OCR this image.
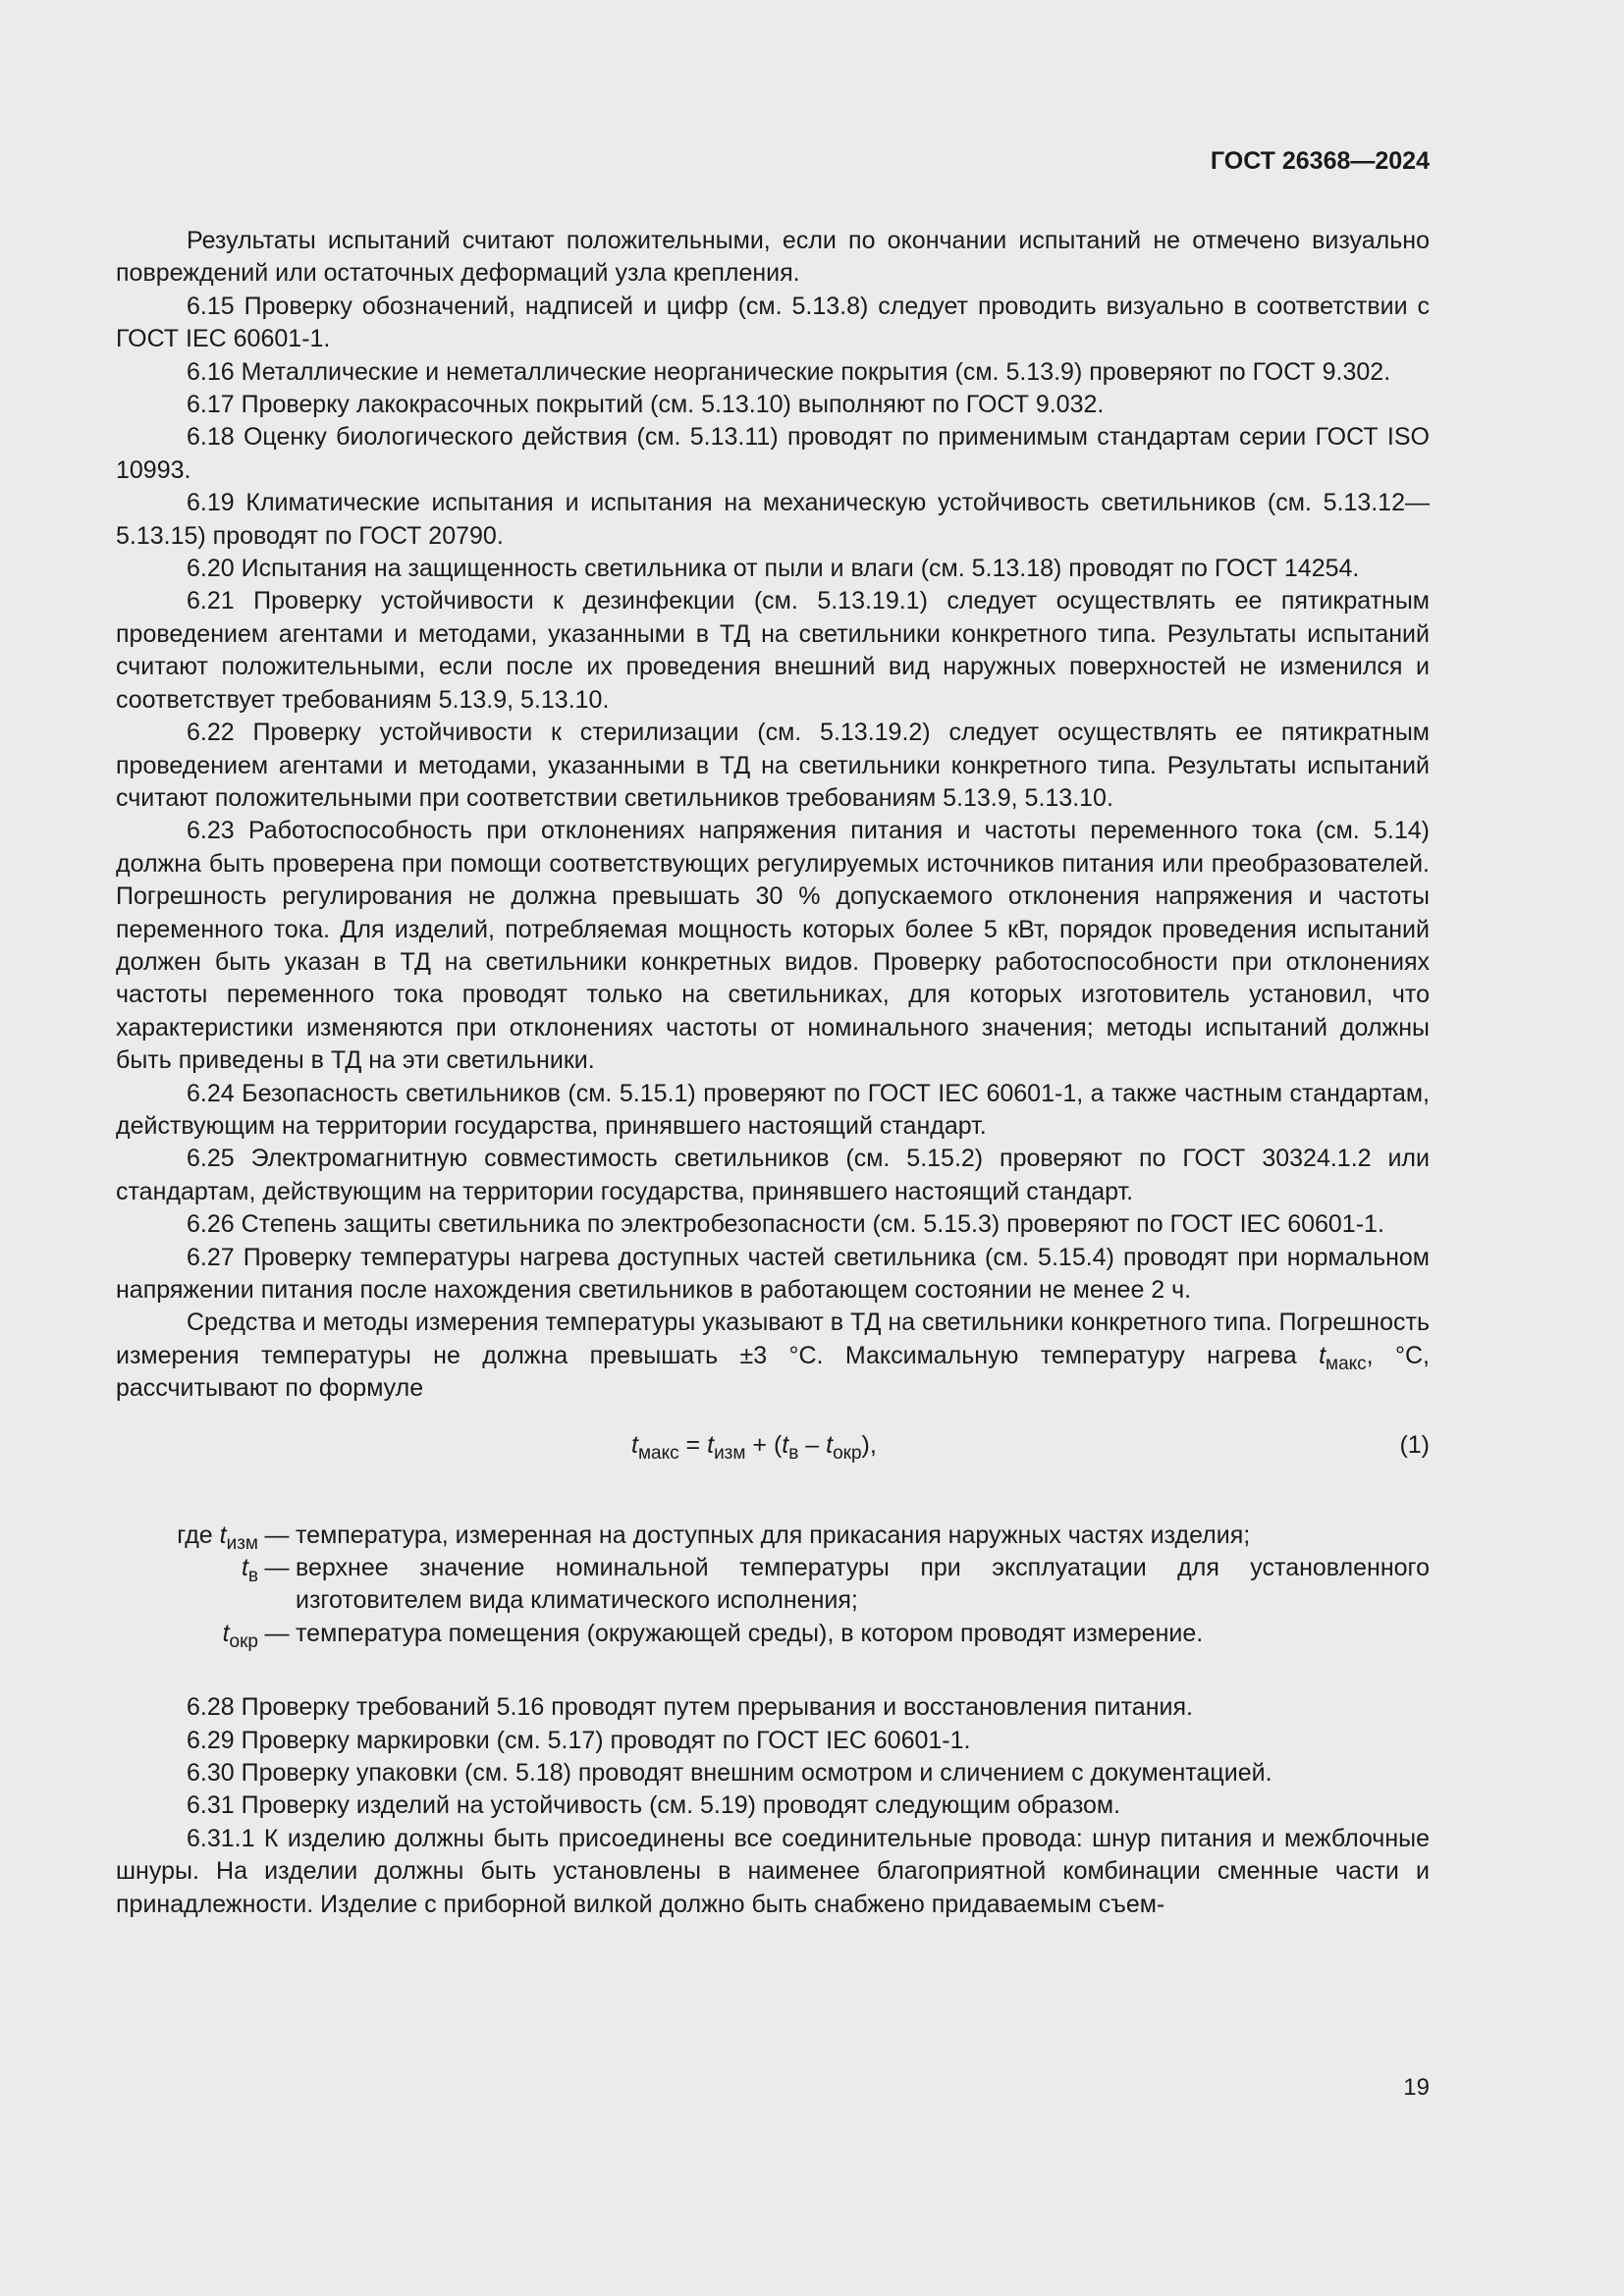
ГОСТ 26368—2024

Результаты испытаний считают положительными, если по окончании испытаний не отмечено визуально повреждений или остаточных деформаций узла крепления.

6.15 Проверку обозначений, надписей и цифр (см. 5.13.8) следует проводить визуально в соответствии с ГОСТ IEC 60601-1.

6.16 Металлические и неметаллические неорганические покрытия (см. 5.13.9) проверяют по ГОСТ 9.302.

6.17 Проверку лакокрасочных покрытий (см. 5.13.10) выполняют по ГОСТ 9.032.

6.18 Оценку биологического действия (см. 5.13.11) проводят по применимым стандартам серии ГОСТ ISO 10993.

6.19 Климатические испытания и испытания на механическую устойчивость светильников (см. 5.13.12—5.13.15) проводят по ГОСТ 20790.

6.20 Испытания на защищенность светильника от пыли и влаги (см. 5.13.18) проводят по ГОСТ 14254.

6.21 Проверку устойчивости к дезинфекции (см. 5.13.19.1) следует осуществлять ее пятикратным проведением агентами и методами, указанными в ТД на светильники конкретного типа. Результаты испытаний считают положительными, если после их проведения внешний вид наружных поверхностей не изменился и соответствует требованиям 5.13.9, 5.13.10.

6.22 Проверку устойчивости к стерилизации (см. 5.13.19.2) следует осуществлять ее пятикратным проведением агентами и методами, указанными в ТД на светильники конкретного типа. Результаты испытаний считают положительными при соответствии светильников требованиям 5.13.9, 5.13.10.

6.23 Работоспособность при отклонениях напряжения питания и частоты переменного тока (см. 5.14) должна быть проверена при помощи соответствующих регулируемых источников питания или преобразователей. Погрешность регулирования не должна превышать 30 % допускаемого отклонения напряжения и частоты переменного тока. Для изделий, потребляемая мощность которых более 5 кВт, порядок проведения испытаний должен быть указан в ТД на светильники конкретных видов. Проверку работоспособности при отклонениях частоты переменного тока проводят только на светильниках, для которых изготовитель установил, что характеристики изменяются при отклонениях частоты от номинального значения; методы испытаний должны быть приведены в ТД на эти светильники.

6.24 Безопасность светильников (см. 5.15.1) проверяют по ГОСТ IEC 60601-1, а также частным стандартам, действующим на территории государства, принявшего настоящий стандарт.

6.25 Электромагнитную совместимость светильников (см. 5.15.2) проверяют по ГОСТ 30324.1.2 или стандартам, действующим на территории государства, принявшего настоящий стандарт.

6.26 Степень защиты светильника по электробезопасности (см. 5.15.3) проверяют по ГОСТ IEC 60601-1.

6.27 Проверку температуры нагрева доступных частей светильника (см. 5.15.4) проводят при нормальном напряжении питания после нахождения светильников в работающем состоянии не менее 2 ч.

Средства и методы измерения температуры указывают в ТД на светильники конкретного типа. Погрешность измерения температуры не должна превышать ±3 °C. Максимальную температуру нагрева $t_{макс}$, °C, рассчитывают по формуле

$t_{макс} = t_{изм} + (t_в - t_{окр})$,	(1)
где $t_{изм}$	—	температура, измеренная на доступных для прикасания наружных частях изделия;
$t_в$	—	верхнее значение номинальной температуры при эксплуатации для установленного изготовителем вида климатического исполнения;
$t_{окр}$	—	температура помещения (окружающей среды), в котором проводят измерение.

6.28 Проверку требований 5.16 проводят путем прерывания и восстановления питания.

6.29 Проверку маркировки (см. 5.17) проводят по ГОСТ IEC 60601-1.

6.30 Проверку упаковки (см. 5.18) проводят внешним осмотром и сличением с документацией.

6.31 Проверку изделий на устойчивость (см. 5.19) проводят следующим образом.

6.31.1 К изделию должны быть присоединены все соединительные провода: шнур питания и межблочные шнуры. На изделии должны быть установлены в наименее благоприятной комбинации сменные части и принадлежности. Изделие с приборной вилкой должно быть снабжено придаваемым съем-

19
